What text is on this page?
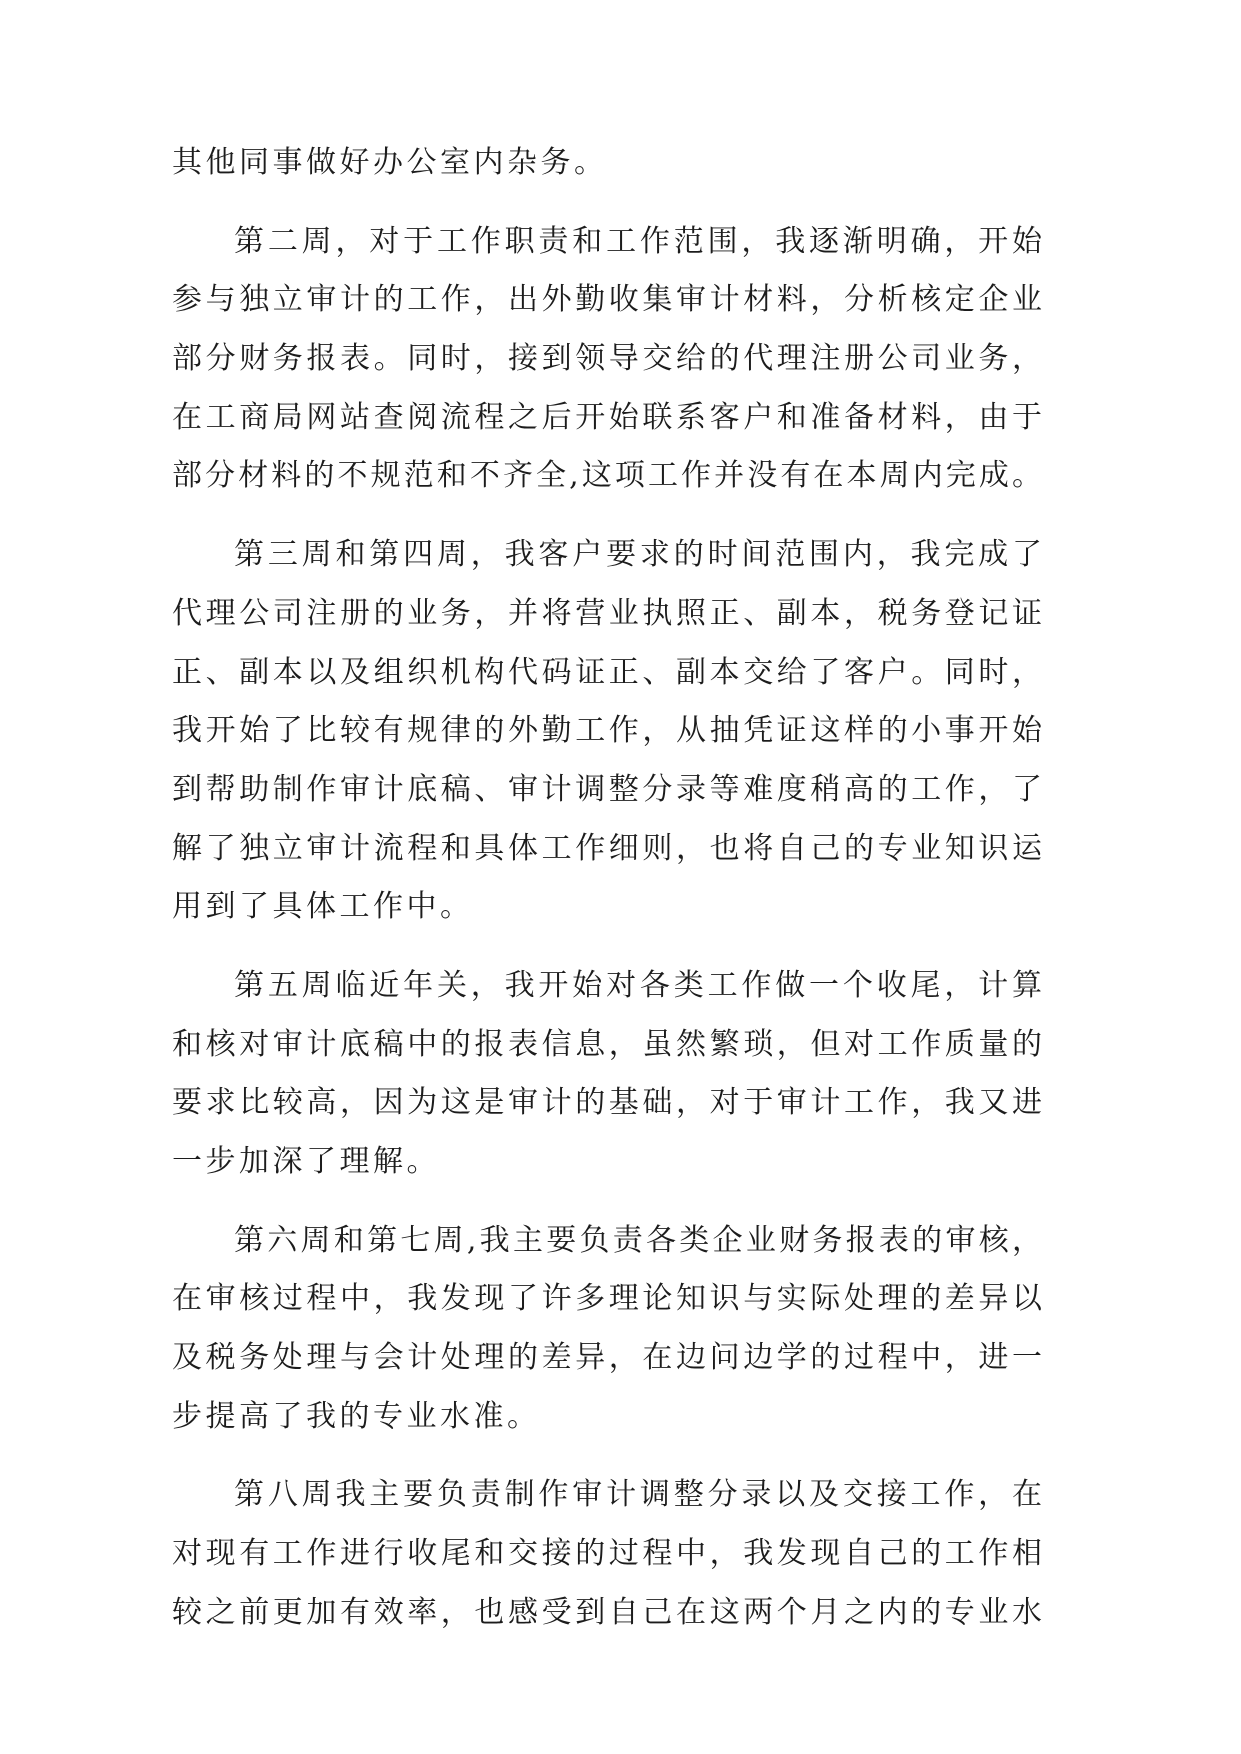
其他同事做好办公室内杂务。
第二周，对于工作职责和工作范围，我逐渐明确，开始
参与独立审计的工作，出外勤收集审计材料，分析核定企业
部分财务报表。同时，接到领导交给的代理注册公司业务，
在工商局网站查阅流程之后开始联系客户和准备材料，由于
部分材料的不规范和不齐全,这项工作并没有在本周内完成。
第三周和第四周，我客户要求的时间范围内，我完成了
代理公司注册的业务，并将营业执照正、副本，税务登记证
正、副本以及组织机构代码证正、副本交给了客户。同时，
我开始了比较有规律的外勤工作，从抽凭证这样的小事开始
到帮助制作审计底稿、审计调整分录等难度稍高的工作，了
解了独立审计流程和具体工作细则，也将自己的专业知识运
用到了具体工作中。
第五周临近年关，我开始对各类工作做一个收尾，计算
和核对审计底稿中的报表信息，虽然繁琐，但对工作质量的
要求比较高，因为这是审计的基础，对于审计工作，我又进
一步加深了理解。
第六周和第七周,我主要负责各类企业财务报表的审核，
在审核过程中，我发现了许多理论知识与实际处理的差异以
及税务处理与会计处理的差异，在边问边学的过程中，进一
步提高了我的专业水准。
第八周我主要负责制作审计调整分录以及交接工作，在
对现有工作进行收尾和交接的过程中，我发现自己的工作相
较之前更加有效率，也感受到自己在这两个月之内的专业水
